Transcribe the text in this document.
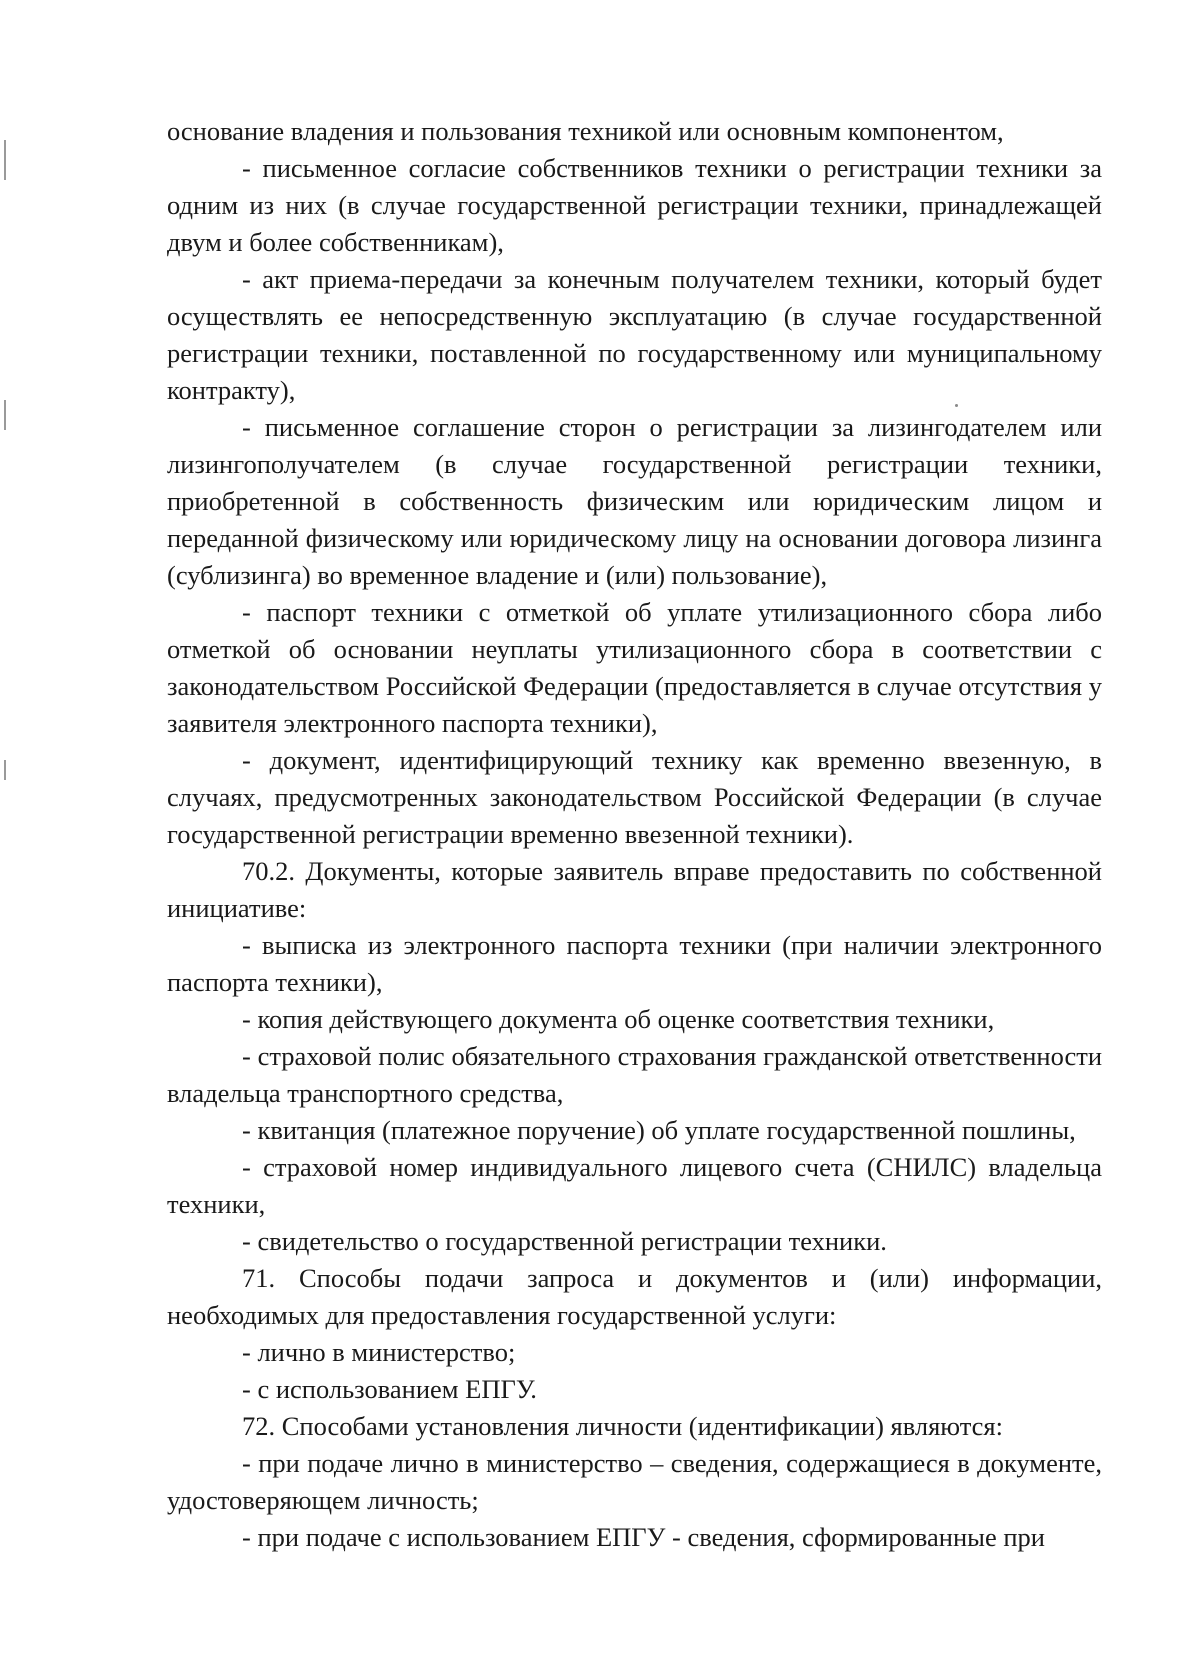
основание владения и пользования техникой или основным компонентом,

- письменное согласие собственников техники о регистрации техники за одним из них (в случае государственной регистрации техники, принадлежащей двум и более собственникам),

- акт приема-передачи за конечным получателем техники, который будет осуществлять ее непосредственную эксплуатацию (в случае государственной регистрации техники, поставленной по государственному или муниципальному контракту),

- письменное соглашение сторон о регистрации за лизингодателем или лизингополучателем (в случае государственной регистрации техники, приобретенной в собственность физическим или юридическим лицом и переданной физическому или юридическому лицу на основании договора лизинга (сублизинга) во временное владение и (или) пользование),

- паспорт техники с отметкой об уплате утилизационного сбора либо отметкой об основании неуплаты утилизационного сбора в соответствии с законодательством Российской Федерации (предоставляется в случае отсутствия у заявителя электронного паспорта техники),

- документ, идентифицирующий технику как временно ввезенную, в случаях, предусмотренных законодательством Российской Федерации (в случае государственной регистрации временно ввезенной техники).

70.2. Документы, которые заявитель вправе предоставить по собственной инициативе:

- выписка из электронного паспорта техники (при наличии электронного паспорта техники),

- копия действующего документа об оценке соответствия техники,

- страховой полис обязательного страхования гражданской ответственности владельца транспортного средства,

- квитанция (платежное поручение) об уплате государственной пошлины,

- страховой номер индивидуального лицевого счета (СНИЛС) владельца техники,

- свидетельство о государственной регистрации техники.

71. Способы подачи запроса и документов и (или) информации, необходимых для предоставления государственной услуги:

- лично в министерство;

- с использованием ЕПГУ.

72. Способами установления личности (идентификации) являются:

- при подаче лично в министерство – сведения, содержащиеся в документе, удостоверяющем личность;

- при подаче с использованием ЕПГУ - сведения, сформированные при
